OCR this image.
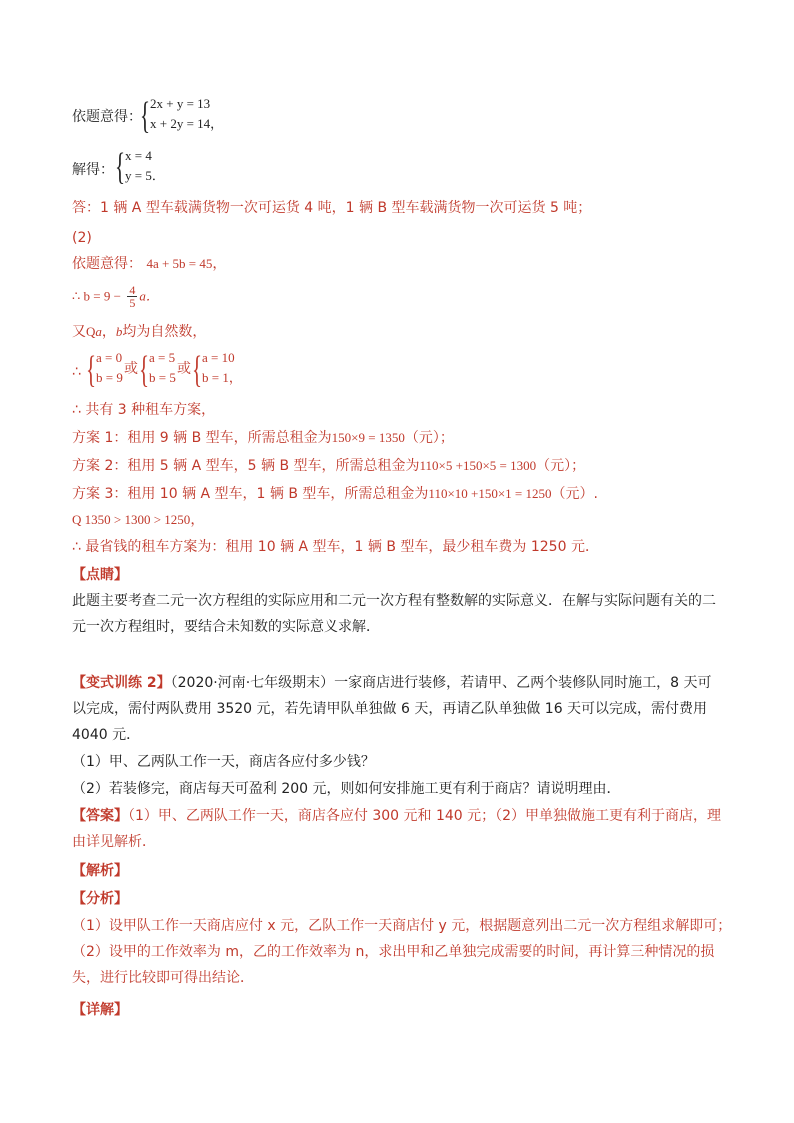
依题意得：
{ 2x + y = 13
x + 2y = 14，
解得： { x = 4
y = 5．
答：1 辆 A 型车载满货物一次可运货 4 吨，1 辆 B 型车载满货物一次可运货 5 吨；
(2)
依题意得： 4a + 5b = 45，
∴ $b = 9 - \frac{4}{5}$ a．
又Qa，b均为自然数，
∴ { a = 0
b = 9
或 { a = 5
b = 5
或 { a = 10
b = 1，
∴ 共有 3 种租车方案，
方案 1：租用 9 辆 B 型车，所需总租金为150×9 = 1350（元）；
方案 2：租用 5 辆 A 型车，5 辆 B 型车，所需总租金为110×5 +150×5 = 1300（元）；
方案 3：租用 10 辆 A 型车，1 辆 B 型车，所需总租金为110×10 +150×1 = 1250（元）.
Q 1350 > 1300 > 1250，
∴ 最省钱的租车方案为：租用 10 辆 A 型车，1 辆 B 型车，最少租车费为 1250 元．
【点睛】
此题主要考查二元一次方程组的实际应用和二元一次方程有整数解的实际意义．在解与实际问题有关的二元一次方程组时，要结合未知数的实际意义求解．
【变式训练 2】（2020·河南·七年级期末）一家商店进行装修，若请甲、乙两个装修队同时施工，8 天可以完成，需付两队费用 3520 元，若先请甲队单独做 6 天，再请乙队单独做 16 天可以完成，需付费用 4040 元．
（1）甲、乙两队工作一天，商店各应付多少钱？
（2）若装修完，商店每天可盈利 200 元，则如何安排施工更有利于商店？请说明理由．
【答案】（1）甲、乙两队工作一天，商店各应付 300 元和 140 元；（2）甲单独做施工更有利于商店，理由详见解析．
【解析】
【分析】
（1）设甲队工作一天商店应付 x 元，乙队工作一天商店付 y 元，根据题意列出二元一次方程组求解即可；
（2）设甲的工作效率为 m，乙的工作效率为 n，求出甲和乙单独完成需要的时间，再计算三种情况的损失，进行比较即可得出结论．
【详解】
